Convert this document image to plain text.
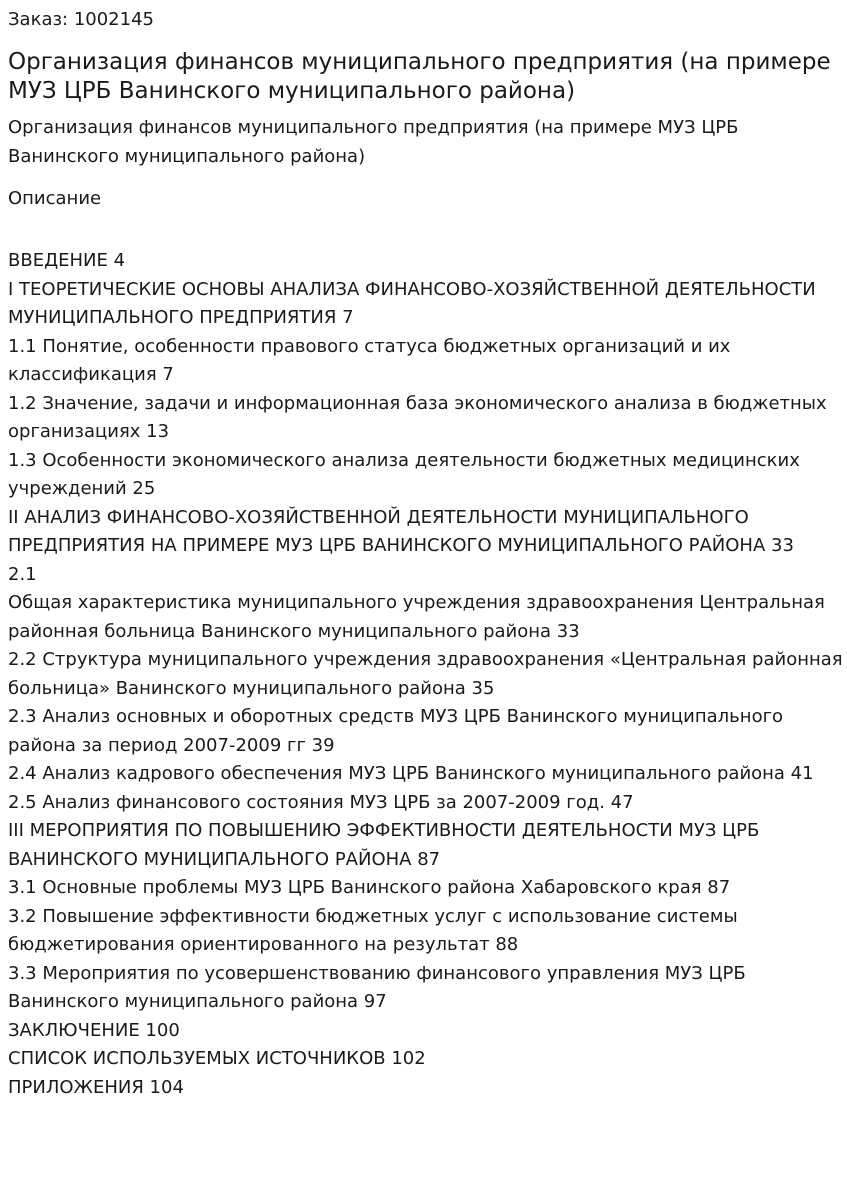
Заказ: 1002145
Организация финансов муниципального предприятия (на примере МУЗ ЦРБ Ванинского муниципального района)
Организация финансов муниципального предприятия (на примере МУЗ ЦРБ Ванинского муниципального района)
Описание
ВВЕДЕНИЕ 4
I ТЕОРЕТИЧЕСКИЕ ОСНОВЫ АНАЛИЗА ФИНАНСОВО-ХОЗЯЙСТВЕННОЙ ДЕЯТЕЛЬНОСТИ МУНИЦИПАЛЬНОГО ПРЕДПРИЯТИЯ 7
1.1 Понятие, особенности правового статуса бюджетных организаций и их классификация 7
1.2 Значение, задачи и информационная база экономического анализа в бюджетных организациях 13
1.3 Особенности экономического анализа деятельности бюджетных медицинских учреждений 25
II АНАЛИЗ ФИНАНСОВО-ХОЗЯЙСТВЕННОЙ ДЕЯТЕЛЬНОСТИ МУНИЦИПАЛЬНОГО ПРЕДПРИЯТИЯ НА ПРИМЕРЕ МУЗ ЦРБ ВАНИНСКОГО МУНИЦИПАЛЬНОГО РАЙОНА 33
2.1
Общая характеристика муниципального учреждения здравоохранения Центральная районная больница Ванинского муниципального района 33
2.2 Структура муниципального учреждения здравоохранения «Центральная районная больница» Ванинского муниципального района 35
2.3 Анализ основных и оборотных средств МУЗ ЦРБ Ванинского муниципального района за период 2007-2009 гг 39
2.4 Анализ кадрового обеспечения МУЗ ЦРБ Ванинского муниципального района 41
2.5 Анализ финансового состояния МУЗ ЦРБ за 2007-2009 год. 47
III МЕРОПРИЯТИЯ ПО ПОВЫШЕНИЮ ЭФФЕКТИВНОСТИ ДЕЯТЕЛЬНОСТИ МУЗ ЦРБ ВАНИНСКОГО МУНИЦИПАЛЬНОГО РАЙОНА 87
3.1 Основные проблемы МУЗ ЦРБ Ванинского района Хабаровского края 87
3.2 Повышение эффективности бюджетных услуг с использование системы бюджетирования ориентированного на результат 88
3.3 Мероприятия по усовершенствованию финансового управления МУЗ ЦРБ Ванинского муниципального района 97
ЗАКЛЮЧЕНИЕ 100
СПИСОК ИСПОЛЬЗУЕМЫХ ИСТОЧНИКОВ 102
ПРИЛОЖЕНИЯ 104
